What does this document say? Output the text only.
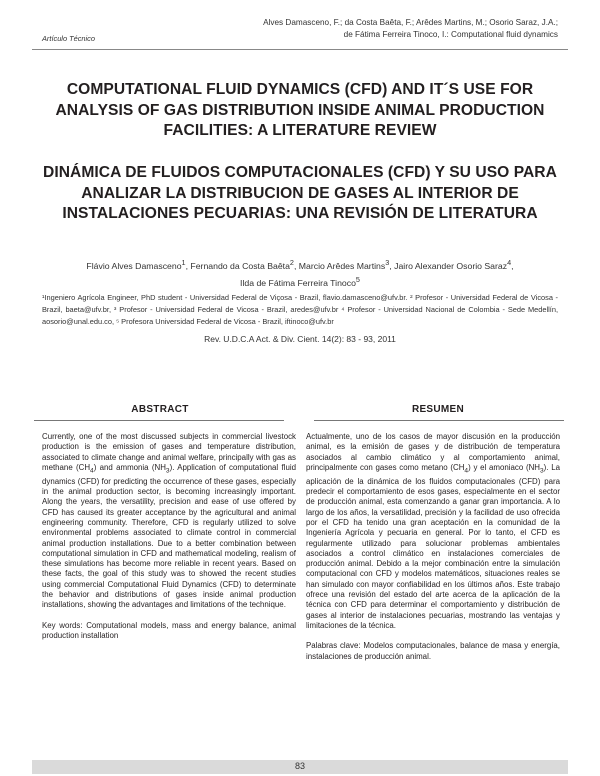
Artículo Técnico
Alves Damasceno, F.; da Costa Baêta, F.; Arêdes Martins, M.; Osorio Saraz, J.A.;
de Fátima Ferreira Tinoco, I.: Computational fluid dynamics
COMPUTATIONAL FLUID DYNAMICS (CFD) AND IT´S USE FOR ANALYSIS OF GAS DISTRIBUTION INSIDE ANIMAL PRODUCTION FACILITIES: A LITERATURE REVIEW
DINÁMICA DE FLUIDOS COMPUTACIONALES (CFD) Y SU USO PARA ANALIZAR LA DISTRIBUCION DE GASES AL INTERIOR DE INSTALACIONES PECUARIAS: UNA REVISIÓN DE LITERATURA
Flávio Alves Damasceno$^1$, Fernando da Costa Baêta$^2$, Marcio Arêdes Martins$^3$, Jairo Alexander Osorio Saraz$^4$,
Ilda de Fátima Ferreira Tinoco$^5$
¹Ingeniero Agrícola Engineer, PhD student - Universidad Federal de Viçosa - Brazil, flavio.damasceno@ufv.br. ² Profesor - Universidad Federal de Vicosa - Brazil, baeta@ufv.br, ³ Profesor - Universidad Federal de Vicosa - Brazil, aredes@ufv.br ⁴ Profesor - Universidad Nacional de Colombia - Sede Medellín, aosorio@unal.edu.co, ⁵ Profesora Universidad Federal de Vicosa - Brazil, iftinoco@ufv.br
Rev. U.D.C.A Act. & Div. Cient. 14(2): 83 - 93, 2011
ABSTRACT	RESUMEN

Currently, one of the most discussed subjects in commercial livestock production is the emission of gases and temperature distribution, associated to climate change and animal welfare, principally with gas as methane $(CH_4)$ and ammonia $(NH_3)$. Application of computational fluid dynamics (CFD) for predicting the occurrence of these gases, especially in the animal production sector, is becoming increasingly important. Along the years, the versatility, precision and ease of use offered by CFD has caused its greater acceptance by the agricultural and animal engineering community. Therefore, CFD is regularly utilized to solve environmental problems associated to climate control in commercial animal production installations. Due to a better combination between computational simulation in CFD and mathematical modeling, realism of these simulations has become more reliable in recent years. Based on these facts, the goal of this study was to showed the recent studies using commercial Computational Fluid Dynamics (CFD) to determinate the behavior and distributions of gases inside animal production installations, showing the advantages and limitations of the technique.

Key words: Computational models, mass and energy balance, animal production installation

Actualmente, uno de los casos de mayor discusión en la producción animal, es la emisión de gases y de distribución de temperatura asociados al cambio climático y al comportamiento animal, principalmente con gases como metano $(CH_4)$ y el amoniaco $(NH_3)$. La aplicación de la dinámica de los fluidos computacionales (CFD) para predecir el comportamiento de esos gases, especialmente en el sector de producción animal, esta comenzando a ganar gran importancia. A lo largo de los años, la versatilidad, precisión y la facilidad de uso ofrecida por el CFD ha tenido una gran aceptación en la comunidad de la Ingeniería Agrícola y pecuaria en general. Por lo tanto, el CFD es regularmente utilizado para solucionar problemas ambientales asociados a control climático en instalaciones comerciales de producción animal. Debido a la mejor combinación entre la simulación computacional con CFD y modelos matemáticos, situaciones reales se han simulado con mayor confiabilidad en los últimos años. Este trabajo ofrece una revisión del estado del arte acerca de la aplicación de la técnica con CFD para determinar el comportamiento y distribución de gases al interior de instalaciones pecuarias, mostrando las ventajas y limitaciones de la técnica.

Palabras clave: Modelos computacionales, balance de masa y energía, instalaciones de producción animal.

83
